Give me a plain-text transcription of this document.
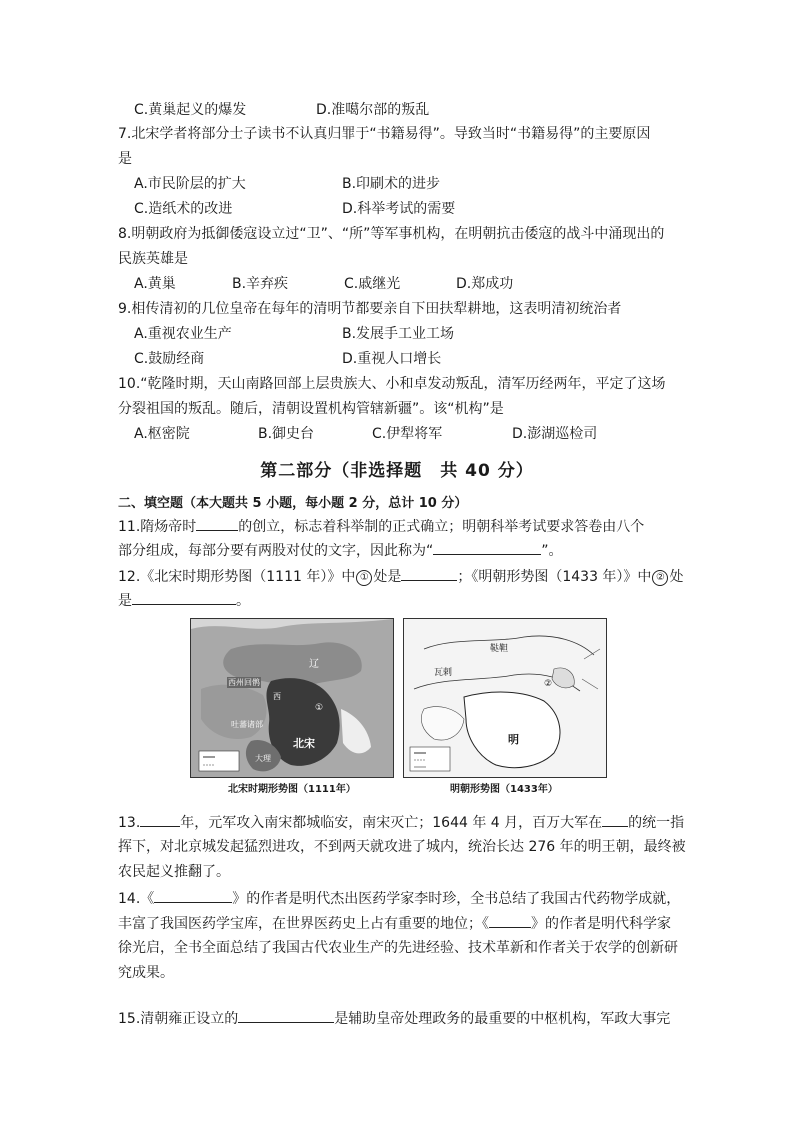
C.黄巢起义的爆发	D.准噶尔部的叛乱
7.北宋学者将部分士子读书不认真归罪于“书籍易得”。导致当时“书籍易得”的主要原因
是
A.市民阶层的扩大	B.印刷术的进步
C.造纸术的改进	D.科举考试的需要
8.明朝政府为抵御倭寇设立过“卫”、“所”等军事机构，在明朝抗击倭寇的战斗中涌现出的
民族英雄是
A.黄巢	B.辛弃疾	C.戚继光	D.郑成功
9.相传清初的几位皇帝在每年的清明节都要亲自下田扶犁耕地，这表明清初统治者
A.重视农业生产	B.发展手工业工场
C.鼓励经商	D.重视人口增长
10.“乾隆时期，天山南路回部上层贵族大、小和卓发动叛乱，清军历经两年，平定了这场
分裂祖国的叛乱。随后，清朝设置机构管辖新疆”。该“机构”是
A.枢密院	B.御史台	C.伊犁将军	D.澎湖巡检司
第二部分（非选择题 共 40 分）
二、填空题（本大题共 5 小题，每小题 2 分，总计 10 分）
11.隋炀帝时	的创立，标志着科举制的正式确立；明朝科举考试要求答卷由八个
部分组成，每部分要有两股对仗的文字，因此称为“	”。
12.《北宋时期形势图（1111 年）》中 ① 处是	；《明朝形势图（1433 年）》中 ② 处
是	。
辽
西州回鹘
吐蕃诸部
北宋
西
大理
①
北宋时期形势图（1111年）
鞑靼
瓦剌
明
②
明朝形势图（1433年）
13.	年，元军攻入南宋都城临安，南宋灭亡；1644 年 4 月，百万大军在 的统一指
挥下，对北京城发起猛烈进攻，不到两天就攻进了城内，统治长达 276 年的明王朝，最终被
农民起义推翻了。
14.《	》的作者是明代杰出医药学家李时珍，全书总结了我国古代药物学成就，
丰富了我国医药学宝库，在世界医药史上占有重要的地位；《	》的作者是明代科学家
徐光启，全书全面总结了我国古代农业生产的先进经验、技术革新和作者关于农学的创新研
究成果。
15.清朝雍正设立的	是辅助皇帝处理政务的最重要的中枢机构，军政大事完
